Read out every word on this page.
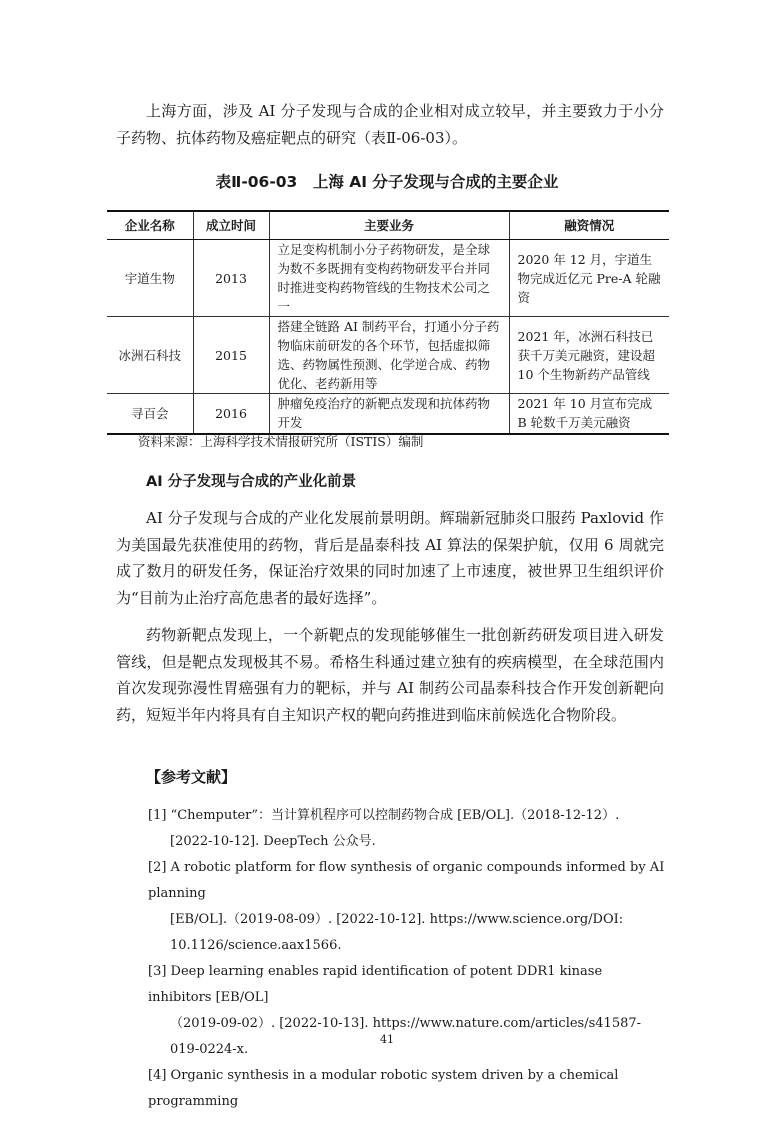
上海方面，涉及 AI 分子发现与合成的企业相对成立较早，并主要致力于小分子药物、抗体药物及癌症靶点的研究（表Ⅱ-06-03）。

表Ⅱ-06-03　上海 AI 分子发现与合成的主要企业
企业名称	成立时间	主要业务	融资情况
宇道生物	2013	立足变构机制小分子药物研发，是全球为数不多既拥有变构药物研发平台并同时推进变构药物管线的生物技术公司之一	2020 年 12 月，宇道生物完成近亿元 Pre-A 轮融资
冰洲石科技	2015	搭建全链路 AI 制药平台，打通小分子药物临床前研发的各个环节，包括虚拟筛选、药物属性预测、化学逆合成、药物优化、老药新用等	2021 年，冰洲石科技已获千万美元融资，建设超 10 个生物新药产品管线
寻百会	2016	肿瘤免疫治疗的新靶点发现和抗体药物开发	2021 年 10 月宣布完成 B 轮数千万美元融资
资料来源：上海科学技术情报研究所（ISTIS）编制
AI 分子发现与合成的产业化前景

AI 分子发现与合成的产业化发展前景明朗。辉瑞新冠肺炎口服药 Paxlovid 作为美国最先获准使用的药物，背后是晶泰科技 AI 算法的保架护航，仅用 6 周就完成了数月的研发任务，保证治疗效果的同时加速了上市速度，被世界卫生组织评价为“目前为止治疗高危患者的最好选择”。

药物新靶点发现上，一个新靶点的发现能够催生一批创新药研发项目进入研发管线，但是靶点发现极其不易。希格生科通过建立独有的疾病模型，在全球范围内首次发现弥漫性胃癌强有力的靶标，并与 AI 制药公司晶泰科技合作开发创新靶向药，短短半年内将具有自主知识产权的靶向药推进到临床前候选化合物阶段。

【参考文献】
[1] “Chemputer”：当计算机程序可以控制药物合成 [EB/OL].（2018-12-12）.
[2022-10-12]. DeepTech 公众号.
[2] A robotic platform for flow synthesis of organic compounds informed by AI planning
[EB/OL].（2019-08-09）. [2022-10-12]. https://www.science.org/DOI: 10.1126/science.aax1566.
[3] Deep learning enables rapid identification of potent DDR1 kinase inhibitors [EB/OL]
（2019-09-02）. [2022-10-13]. https://www.nature.com/articles/s41587-019-0224-x.
[4] Organic synthesis in a modular robotic system driven by a chemical programming
41
